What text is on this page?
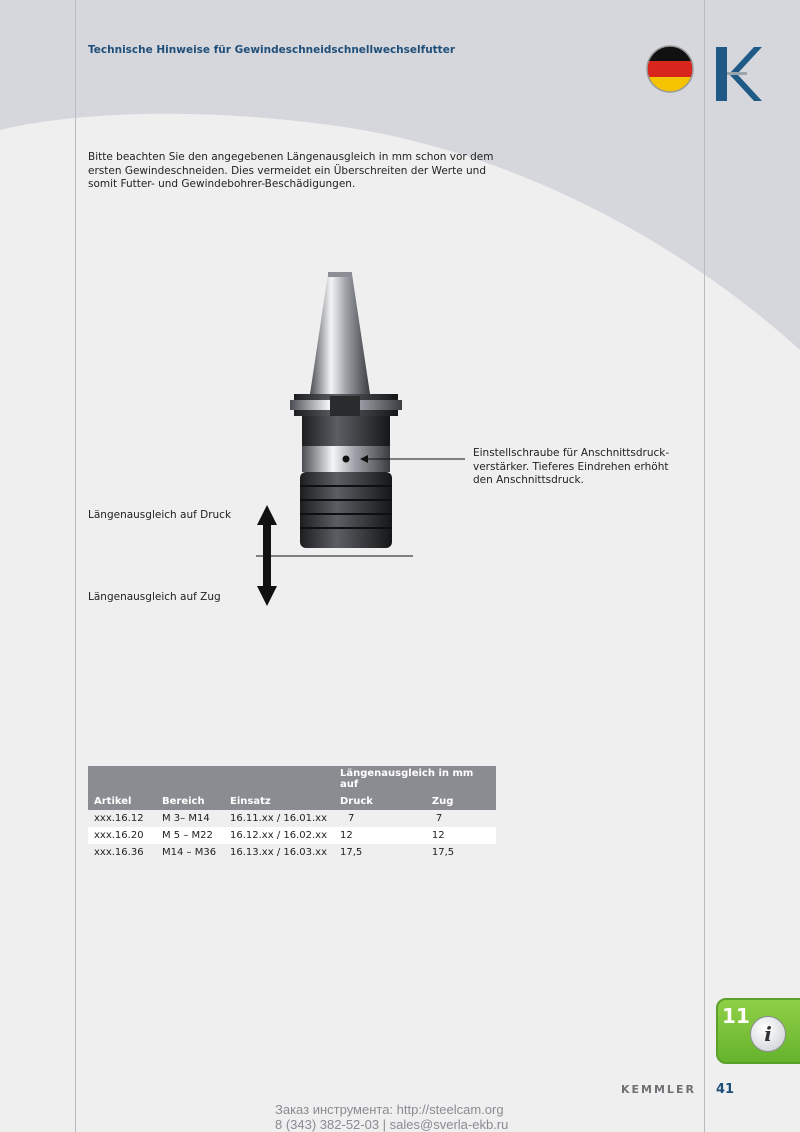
Technische Hinweise für Gewindeschneidschnellwechselfutter
Bitte beachten Sie den angegebenen Längenausgleich in mm schon vor dem ersten Gewindeschneiden. Dies vermeidet ein Überschreiten der Werte und somit Futter- und Gewindebohrer-Beschädigungen.
Einstellschraube für Anschnittsdruck-verstärker. Tieferes Eindrehen erhöht den Anschnittsdruck.
Längenausgleich auf Druck
Längenausgleich auf Zug
			Längenausgleich in mm auf	
Artikel	Bereich	Einsatz	Druck	Zug
xxx.16.12	M 3– M14	16.11.xx / 16.01.xx	7	7
xxx.16.20	M 5 – M22	16.12.xx / 16.02.xx	12	12
xxx.16.36	M14 – M36	16.13.xx / 16.03.xx	17,5	17,5
11
i
KEMMLER 41
Заказ инструмента: http://steelcam.org
8 (343) 382-52-03 | sales@sverla-ekb.ru
